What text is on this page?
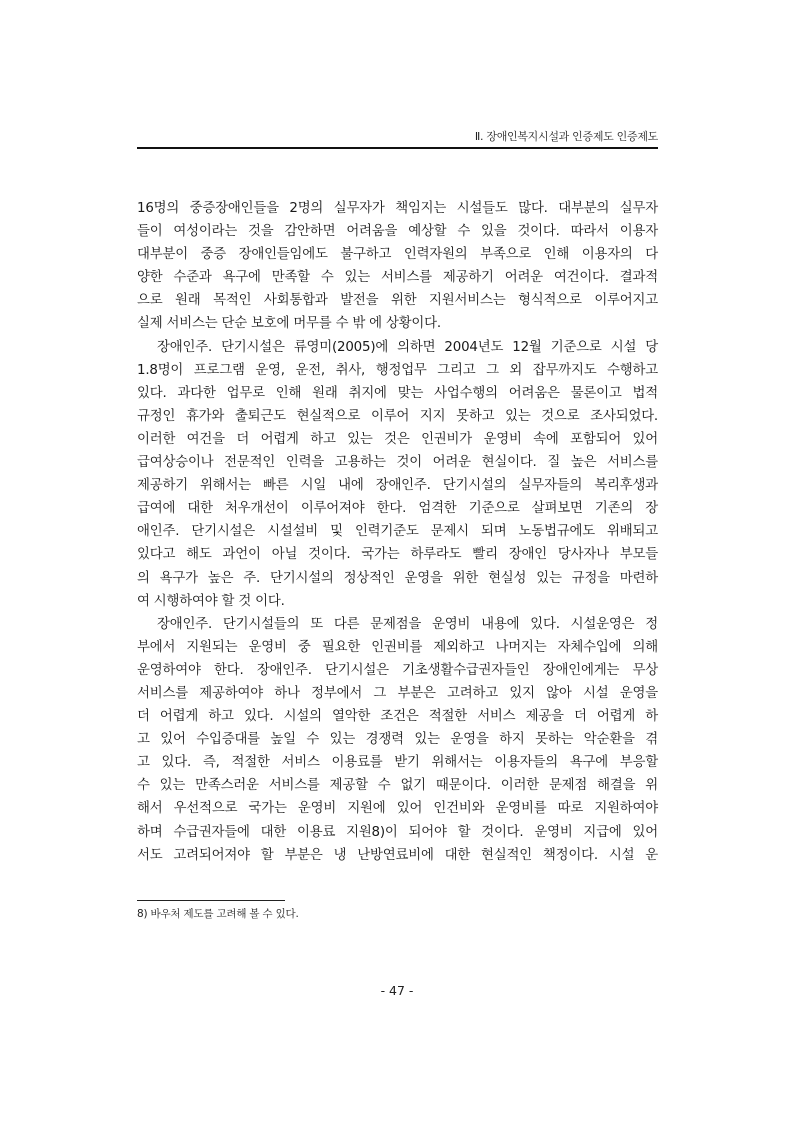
Ⅱ. 장애인복지시설과 인증제도 인증제도
16명의 중증장애인들을 2명의 실무자가 책임지는 시설들도 많다. 대부분의 실무자
들이 여성이라는 것을 감안하면 어려움을 예상할 수 있을 것이다. 따라서 이용자
대부분이 중증 장애인들임에도 불구하고 인력자원의 부족으로 인해 이용자의 다
양한 수준과 욕구에 만족할 수 있는 서비스를 제공하기 어려운 여건이다. 결과적
으로 원래 목적인 사회통합과 발전을 위한 지원서비스는 형식적으로 이루어지고
실제 서비스는 단순 보호에 머무를 수 밖 에 상황이다.
장애인주. 단기시설은 류영미(2005)에 의하면 2004년도 12월 기준으로 시설 당
1.8명이 프로그램 운영, 운전, 취사, 행정업무 그리고 그 외 잡무까지도 수행하고
있다. 과다한 업무로 인해 원래 취지에 맞는 사업수행의 어려움은 물론이고 법적
규정인 휴가와 출퇴근도 현실적으로 이루어 지지 못하고 있는 것으로 조사되었다.
이러한 여건을 더 어렵게 하고 있는 것은 인권비가 운영비 속에 포함되어 있어
급여상승이나 전문적인 인력을 고용하는 것이 어려운 현실이다. 질 높은 서비스를
제공하기 위해서는 빠른 시일 내에 장애인주. 단기시설의 실무자들의 복리후생과
급여에 대한 처우개선이 이루어져야 한다. 엄격한 기준으로 살펴보면 기존의 장
애인주. 단기시설은 시설설비 및 인력기준도 문제시 되며 노동법규에도 위배되고
있다고 해도 과언이 아닐 것이다. 국가는 하루라도 빨리 장애인 당사자나 부모들
의 욕구가 높은 주. 단기시설의 정상적인 운영을 위한 현실성 있는 규정을 마련하
여 시행하여야 할 것 이다.
장애인주. 단기시설들의 또 다른 문제점을 운영비 내용에 있다. 시설운영은 정
부에서 지원되는 운영비 중 필요한 인권비를 제외하고 나머지는 자체수입에 의해
운영하여야 한다. 장애인주. 단기시설은 기초생활수급권자들인 장애인에게는 무상
서비스를 제공하여야 하나 정부에서 그 부분은 고려하고 있지 않아 시설 운영을
더 어렵게 하고 있다. 시설의 열악한 조건은 적절한 서비스 제공을 더 어렵게 하
고 있어 수입증대를 높일 수 있는 경쟁력 있는 운영을 하지 못하는 악순환을 겪
고 있다. 즉, 적절한 서비스 이용료를 받기 위해서는 이용자들의 욕구에 부응할
수 있는 만족스러운 서비스를 제공할 수 없기 때문이다. 이러한 문제점 해결을 위
해서 우선적으로 국가는 운영비 지원에 있어 인건비와 운영비를 따로 지원하여야
하며 수급권자들에 대한 이용료 지원8)이 되어야 할 것이다. 운영비 지급에 있어
서도 고려되어져야 할 부분은 냉 난방연료비에 대한 현실적인 책정이다. 시설 운
8) 바우처 제도를 고려해 볼 수 있다.
- 47 -
